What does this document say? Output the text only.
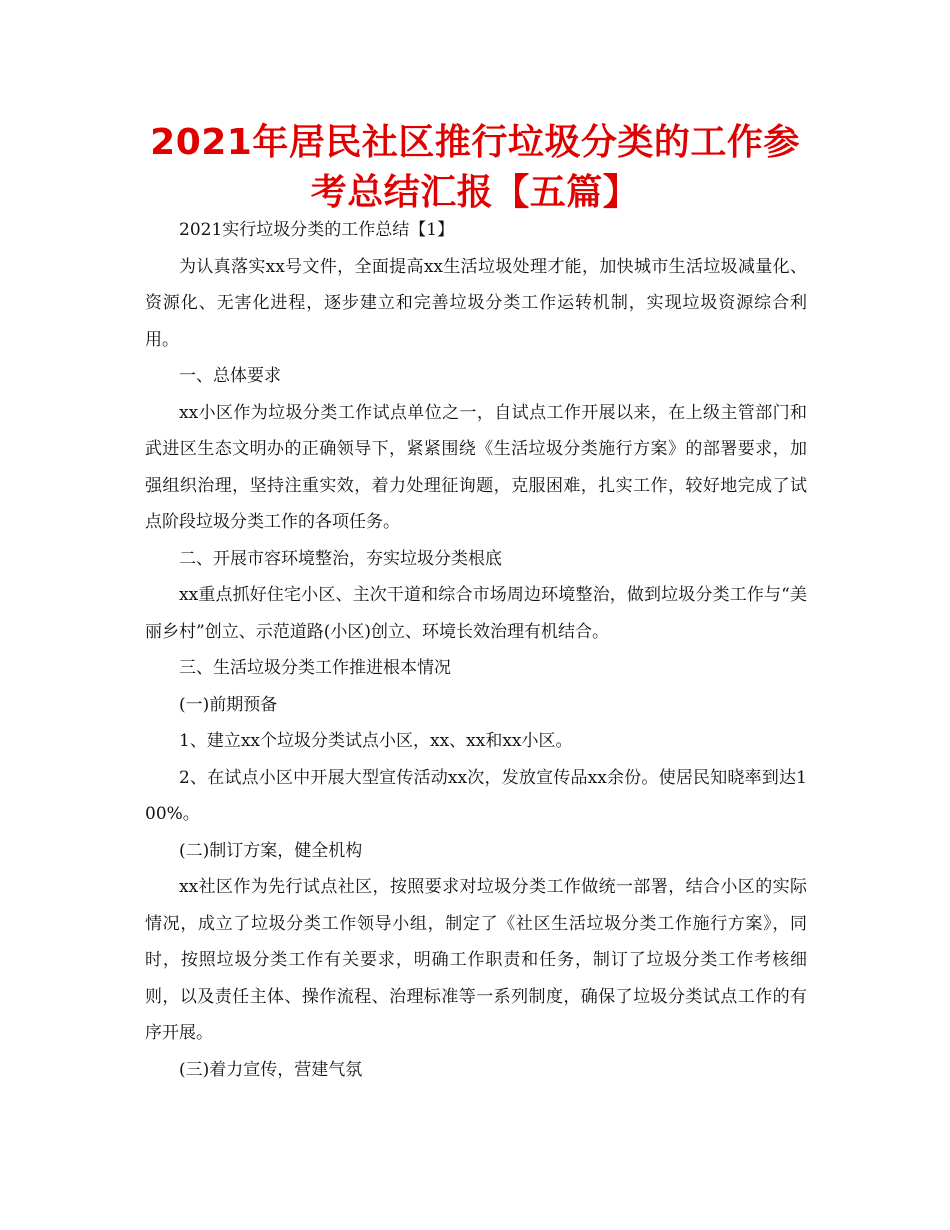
2021年居民社区推行垃圾分类的工作参考总结汇报【五篇】

2021实行垃圾分类的工作总结【1】

为认真落实xx号文件，全面提高xx生活垃圾处理才能，加快城市生活垃圾减量化、资源化、无害化进程，逐步建立和完善垃圾分类工作运转机制，实现垃圾资源综合利用。

一、总体要求

xx小区作为垃圾分类工作试点单位之一，自试点工作开展以来，在上级主管部门和武进区生态文明办的正确领导下，紧紧围绕《生活垃圾分类施行方案》的部署要求，加强组织治理，坚持注重实效，着力处理征询题，克服困难，扎实工作，较好地完成了试点阶段垃圾分类工作的各项任务。

二、开展市容环境整治，夯实垃圾分类根底

xx重点抓好住宅小区、主次干道和综合市场周边环境整治，做到垃圾分类工作与“美丽乡村”创立、示范道路(小区)创立、环境长效治理有机结合。

三、生活垃圾分类工作推进根本情况

(一)前期预备

1、建立xx个垃圾分类试点小区，xx、xx和xx小区。

2、在试点小区中开展大型宣传活动xx次，发放宣传品xx余份。使居民知晓率到达100%。

(二)制订方案，健全机构

xx社区作为先行试点社区，按照要求对垃圾分类工作做统一部署，结合小区的实际情况，成立了垃圾分类工作领导小组，制定了《社区生活垃圾分类工作施行方案》，同时，按照垃圾分类工作有关要求，明确工作职责和任务，制订了垃圾分类工作考核细则，以及责任主体、操作流程、治理标准等一系列制度，确保了垃圾分类试点工作的有序开展。

(三)着力宣传，营建气氛
